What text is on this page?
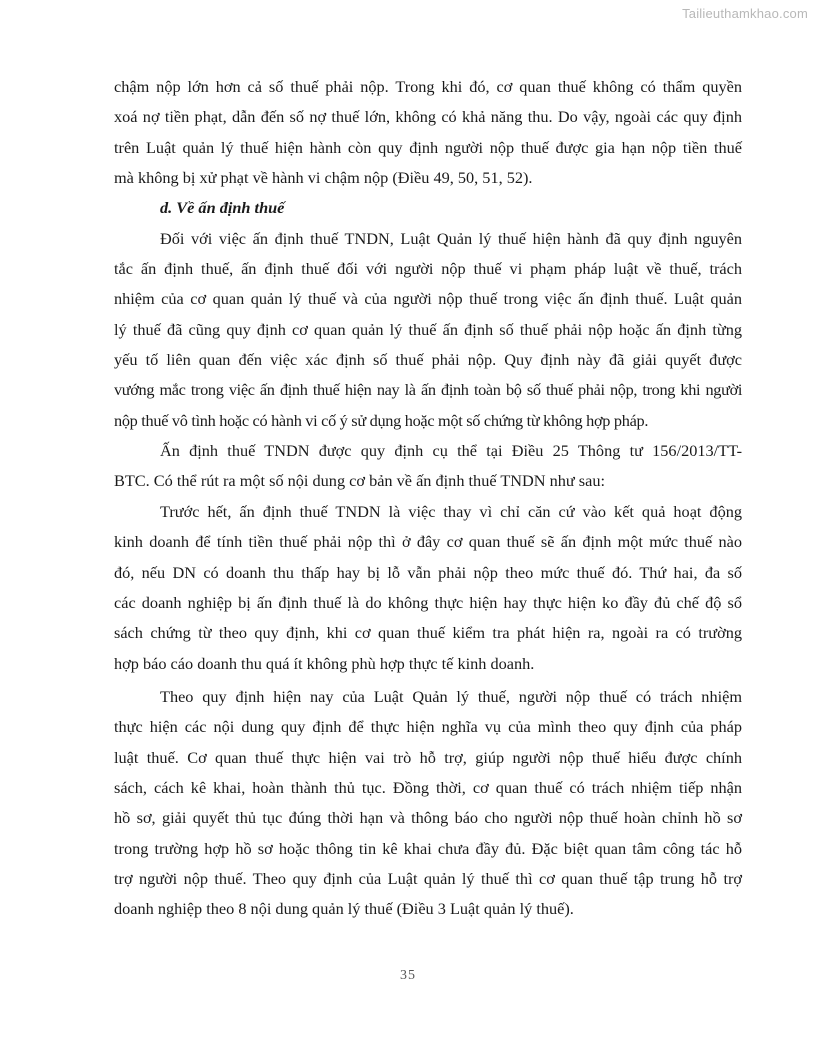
Tailieuthamkhao.com
chậm nộp lớn hơn cả số thuế phải nộp. Trong khi đó, cơ quan thuế không có thẩm quyền
xoá nợ tiền phạt, dẫn đến số nợ thuế lớn, không có khả năng thu. Do vậy, ngoài các quy định
trên Luật quản lý thuế hiện hành còn quy định người nộp thuế được gia hạn nộp tiền thuế
mà không bị xử phạt về hành vi chậm nộp (Điều 49, 50, 51, 52).
d. Về ấn định thuế
Đối với việc ấn định thuế TNDN, Luật Quản lý thuế hiện hành đã quy định nguyên
tắc ấn định thuế, ấn định thuế đối với người nộp thuế vi phạm pháp luật về thuế, trách
nhiệm của cơ quan quản lý thuế và của người nộp thuế trong việc ấn định thuế. Luật quản
lý thuế đã cũng quy định cơ quan quản lý thuế ấn định số thuế phải nộp hoặc ấn định từng
yếu tố liên quan đến việc xác định số thuế phải nộp. Quy định này đã giải quyết được
vướng mắc trong việc ấn định thuế hiện nay là ấn định toàn bộ số thuế phải nộp, trong khi người
nộp thuế vô tình hoặc có hành vi cố ý sử dụng hoặc một số chứng từ không hợp pháp.
Ấn định thuế TNDN được quy định cụ thể tại Điều 25 Thông tư 156/2013/TT-
BTC. Có thể rút ra một số nội dung cơ bản về ấn định thuế TNDN như sau:
Trước hết, ấn định thuế TNDN là việc thay vì chỉ căn cứ vào kết quả hoạt động
kinh doanh để tính tiền thuế phải nộp thì ở đây cơ quan thuế sẽ ấn định một mức thuế nào
đó, nếu DN có doanh thu thấp hay bị lỗ vẫn phải nộp theo mức thuế đó. Thứ hai, đa số
các doanh nghiệp bị ấn định thuế là do không thực hiện hay thực hiện ko đầy đủ chế độ sổ
sách chứng từ theo quy định, khi cơ quan thuế kiểm tra phát hiện ra, ngoài ra có trường
hợp báo cáo doanh thu quá ít không phù hợp thực tế kinh doanh.
Theo quy định hiện nay của Luật Quản lý thuế, người nộp thuế có trách nhiệm
thực hiện các nội dung quy định để thực hiện nghĩa vụ của mình theo quy định của pháp
luật thuế. Cơ quan thuế thực hiện vai trò hỗ trợ, giúp người nộp thuế hiểu được chính
sách, cách kê khai, hoàn thành thủ tục. Đồng thời, cơ quan thuế có trách nhiệm tiếp nhận
hồ sơ, giải quyết thủ tục đúng thời hạn và thông báo cho người nộp thuế hoàn chỉnh hồ sơ
trong trường hợp hồ sơ hoặc thông tin kê khai chưa đầy đủ. Đặc biệt quan tâm công tác hỗ
trợ người nộp thuế. Theo quy định của Luật quản lý thuế thì cơ quan thuế tập trung hỗ trợ
doanh nghiệp theo 8 nội dung quản lý thuế (Điều 3 Luật quản lý thuế).
35
